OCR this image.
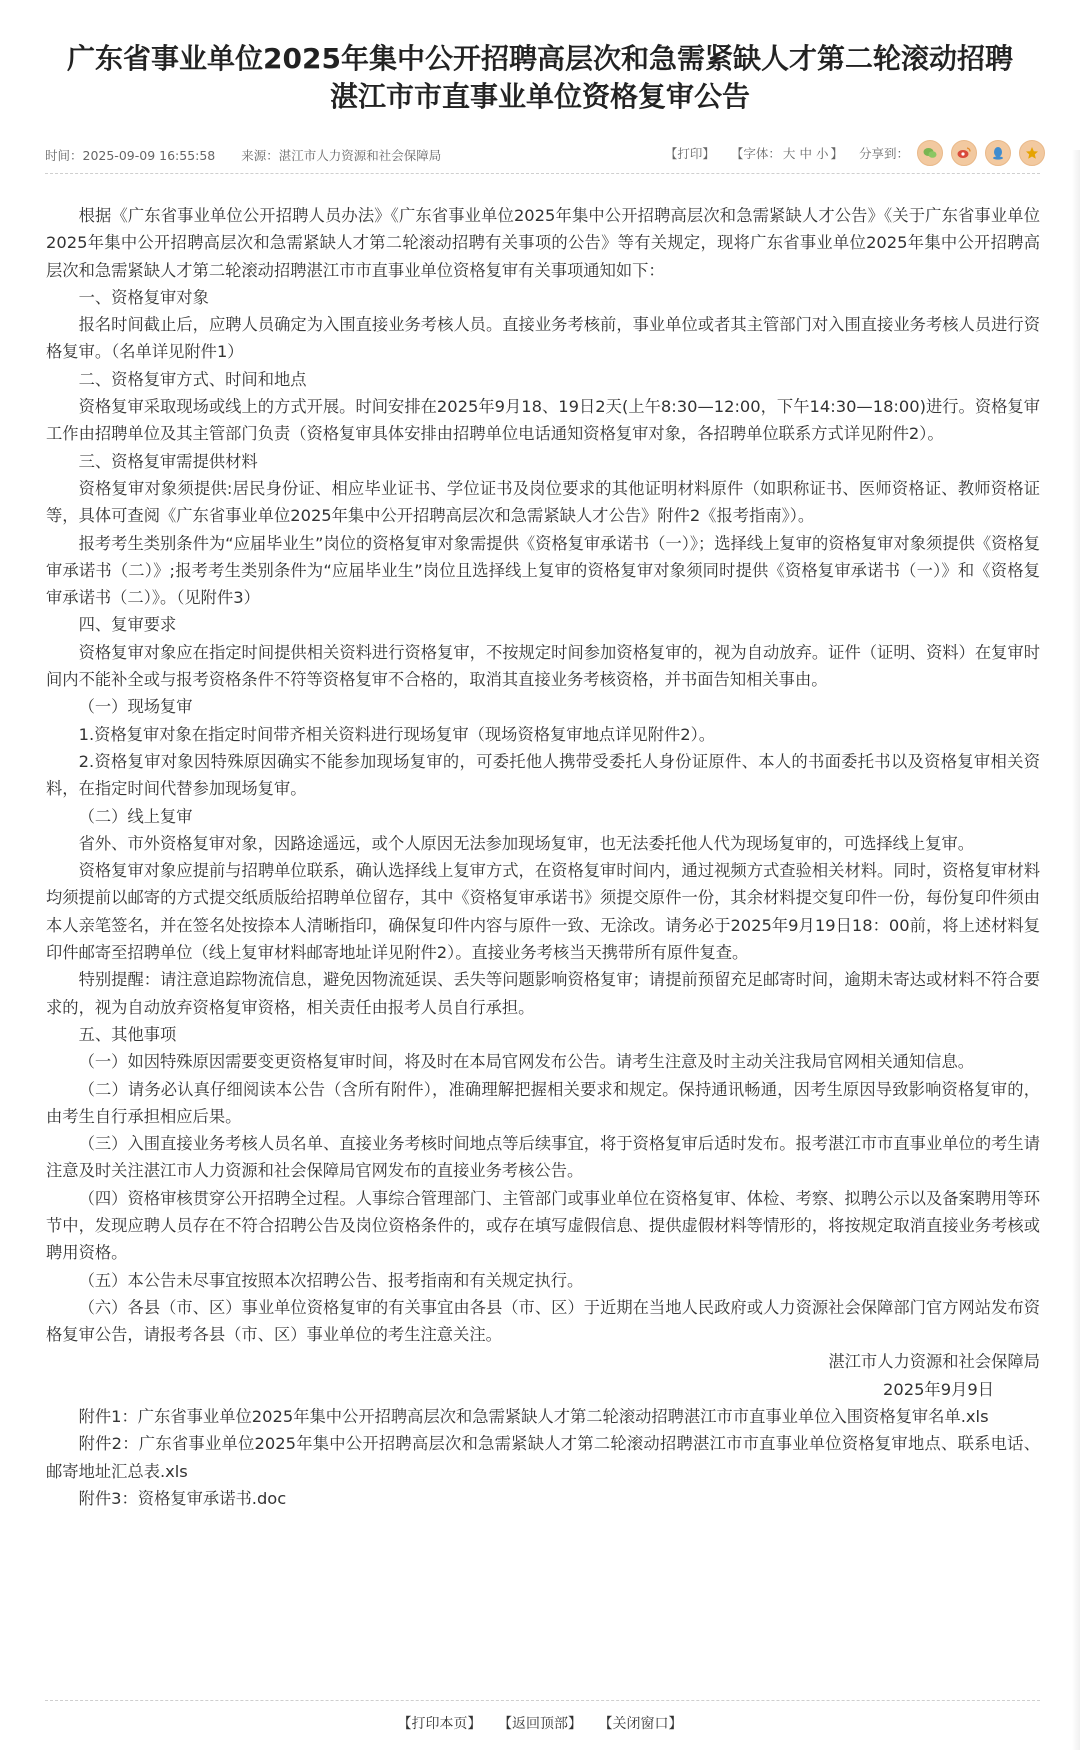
广东省事业单位2025年集中公开招聘高层次和急需紧缺人才第二轮滚动招聘
湛江市市直事业单位资格复审公告
时间：2025-09-09 16:55:58 来源：湛江市人力资源和社会保障局	【打印】 【字体： 大 中 小 】 分享到：

根据《广东省事业单位公开招聘人员办法》《广东省事业单位2025年集中公开招聘高层次和急需紧缺人才公告》《关于广东省事业单位2025年集中公开招聘高层次和急需紧缺人才第二轮滚动招聘有关事项的公告》等有关规定，现将广东省事业单位2025年集中公开招聘高层次和急需紧缺人才第二轮滚动招聘湛江市市直事业单位资格复审有关事项通知如下：

一、资格复审对象

报名时间截止后，应聘人员确定为入围直接业务考核人员。直接业务考核前，事业单位或者其主管部门对入围直接业务考核人员进行资格复审。（名单详见附件1）

二、资格复审方式、时间和地点

资格复审采取现场或线上的方式开展。时间安排在2025年9月18、19日2天(上午8:30—12:00，下午14:30—18:00)进行。资格复审工作由招聘单位及其主管部门负责（资格复审具体安排由招聘单位电话通知资格复审对象，各招聘单位联系方式详见附件2）。

三、资格复审需提供材料

资格复审对象须提供:居民身份证、相应毕业证书、学位证书及岗位要求的其他证明材料原件（如职称证书、医师资格证、教师资格证等，具体可查阅《广东省事业单位2025年集中公开招聘高层次和急需紧缺人才公告》附件2《报考指南》）。

报考考生类别条件为“应届毕业生”岗位的资格复审对象需提供《资格复审承诺书（一）》；选择线上复审的资格复审对象须提供《资格复审承诺书（二）》;报考考生类别条件为“应届毕业生”岗位且选择线上复审的资格复审对象须同时提供《资格复审承诺书（一）》和《资格复审承诺书（二）》。（见附件3）

四、复审要求

资格复审对象应在指定时间提供相关资料进行资格复审，不按规定时间参加资格复审的，视为自动放弃。证件（证明、资料）在复审时间内不能补全或与报考资格条件不符等资格复审不合格的，取消其直接业务考核资格，并书面告知相关事由。

（一）现场复审

1.资格复审对象在指定时间带齐相关资料进行现场复审（现场资格复审地点详见附件2）。

2.资格复审对象因特殊原因确实不能参加现场复审的，可委托他人携带受委托人身份证原件、本人的书面委托书以及资格复审相关资料，在指定时间代替参加现场复审。

（二）线上复审

省外、市外资格复审对象，因路途遥远，或个人原因无法参加现场复审，也无法委托他人代为现场复审的，可选择线上复审。

资格复审对象应提前与招聘单位联系，确认选择线上复审方式，在资格复审时间内，通过视频方式查验相关材料。同时，资格复审材料均须提前以邮寄的方式提交纸质版给招聘单位留存，其中《资格复审承诺书》须提交原件一份，其余材料提交复印件一份，每份复印件须由本人亲笔签名，并在签名处按捺本人清晰指印，确保复印件内容与原件一致、无涂改。请务必于2025年9月19日18：00前，将上述材料复印件邮寄至招聘单位（线上复审材料邮寄地址详见附件2）。直接业务考核当天携带所有原件复查。

特别提醒：请注意追踪物流信息，避免因物流延误、丢失等问题影响资格复审；请提前预留充足邮寄时间，逾期未寄达或材料不符合要求的，视为自动放弃资格复审资格，相关责任由报考人员自行承担。

五、其他事项

（一）如因特殊原因需要变更资格复审时间，将及时在本局官网发布公告。请考生注意及时主动关注我局官网相关通知信息。

（二）请务必认真仔细阅读本公告（含所有附件），准确理解把握相关要求和规定。保持通讯畅通，因考生原因导致影响资格复审的，由考生自行承担相应后果。

（三）入围直接业务考核人员名单、直接业务考核时间地点等后续事宜，将于资格复审后适时发布。报考湛江市市直事业单位的考生请注意及时关注湛江市人力资源和社会保障局官网发布的直接业务考核公告。

（四）资格审核贯穿公开招聘全过程。人事综合管理部门、主管部门或事业单位在资格复审、体检、考察、拟聘公示以及备案聘用等环节中，发现应聘人员存在不符合招聘公告及岗位资格条件的，或存在填写虚假信息、提供虚假材料等情形的，将按规定取消直接业务考核或聘用资格。

（五）本公告未尽事宜按照本次招聘公告、报考指南和有关规定执行。

（六）各县（市、区）事业单位资格复审的有关事宜由各县（市、区）于近期在当地人民政府或人力资源社会保障部门官方网站发布资格复审公告，请报考各县（市、区）事业单位的考生注意关注。

湛江市人力资源和社会保障局

2025年9月9日

附件1：广东省事业单位2025年集中公开招聘高层次和急需紧缺人才第二轮滚动招聘湛江市市直事业单位入围资格复审名单.xls

附件2：广东省事业单位2025年集中公开招聘高层次和急需紧缺人才第二轮滚动招聘湛江市市直事业单位资格复审地点、联系电话、邮寄地址汇总表.xls

附件3：资格复审承诺书.doc

【打印本页】 【返回顶部】 【关闭窗口】
